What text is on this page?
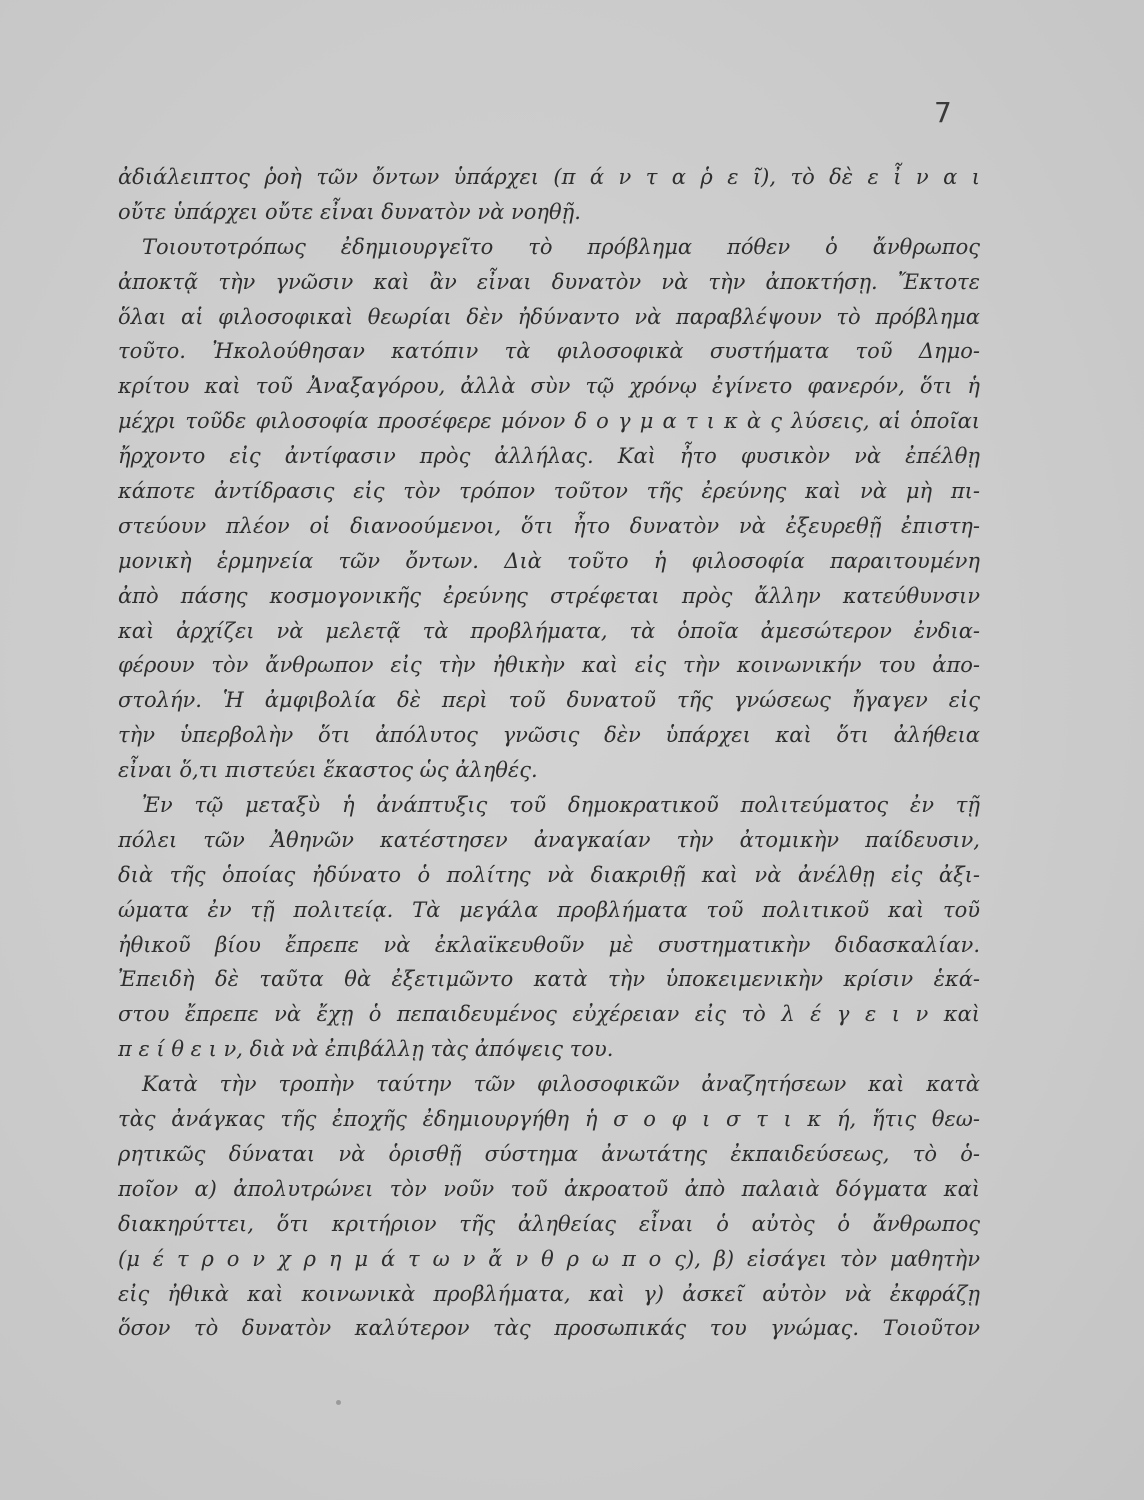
7
ἀδιάλειπτος ῥοὴ τῶν ὄντων ὑπάρχει (π ά ν τ α ῥ ε ῖ), τὸ δὲ ε ἶ ν α ι
οὔτε ὑπάρχει οὔτε εἶναι δυνατὸν νὰ νοηθῇ.
Τοιουτοτρόπως ἐδημιουργεῖτο τὸ πρόβλημα πόθεν ὁ ἄνθρωπος
ἀποκτᾷ τὴν γνῶσιν καὶ ἂν εἶναι δυνατὸν νὰ τὴν ἀποκτήσῃ. Ἔκτοτε
ὅλαι αἱ φιλοσοφικαὶ θεωρίαι δὲν ἠδύναντο νὰ παραβλέψουν τὸ πρόβλημα
τοῦτο. Ἠκολούθησαν κατόπιν τὰ φιλοσοφικὰ συστήματα τοῦ Δημο-
κρίτου καὶ τοῦ Ἀναξαγόρου, ἀλλὰ σὺν τῷ χρόνῳ ἐγίνετο φανερόν, ὅτι ἡ
μέχρι τοῦδε φιλοσοφία προσέφερε μόνον δ ο γ μ α τ ι κ ὰ ς λύσεις, αἱ ὁποῖαι
ἤρχοντο εἰς ἀντίφασιν πρὸς ἀλλήλας. Καὶ ἦτο φυσικὸν νὰ ἐπέλθῃ
κάποτε ἀντίδρασις εἰς τὸν τρόπον τοῦτον τῆς ἐρεύνης καὶ νὰ μὴ πι-
στεύουν πλέον οἱ διανοούμενοι, ὅτι ἦτο δυνατὸν νὰ ἐξευρεθῇ ἐπιστη-
μονικὴ ἑρμηνεία τῶν ὄντων. Διὰ τοῦτο ἡ φιλοσοφία παραιτουμένη
ἀπὸ πάσης κοσμογονικῆς ἐρεύνης στρέφεται πρὸς ἄλλην κατεύθυνσιν
καὶ ἀρχίζει νὰ μελετᾷ τὰ προβλήματα, τὰ ὁποῖα ἀμεσώτερον ἐνδια-
φέρουν τὸν ἄνθρωπον εἰς τὴν ἠθικὴν καὶ εἰς τὴν κοινωνικήν του ἀπο-
στολήν. Ἡ ἀμφιβολία δὲ περὶ τοῦ δυνατοῦ τῆς γνώσεως ἤγαγεν εἰς
τὴν ὑπερβολὴν ὅτι ἀπόλυτος γνῶσις δὲν ὑπάρχει καὶ ὅτι ἀλήθεια
εἶναι ὅ,τι πιστεύει ἕκαστος ὡς ἀληθές.
Ἐν τῷ μεταξὺ ἡ ἀνάπτυξις τοῦ δημοκρατικοῦ πολιτεύματος ἐν τῇ
πόλει τῶν Ἀθηνῶν κατέστησεν ἀναγκαίαν τὴν ἀτομικὴν παίδευσιν,
διὰ τῆς ὁποίας ἠδύνατο ὁ πολίτης νὰ διακριθῇ καὶ νὰ ἀνέλθῃ εἰς ἀξι-
ώματα ἐν τῇ πολιτείᾳ. Τὰ μεγάλα προβλήματα τοῦ πολιτικοῦ καὶ τοῦ
ἠθικοῦ βίου ἔπρεπε νὰ ἐκλαϊκευθοῦν μὲ συστηματικὴν διδασκαλίαν.
Ἐπειδὴ δὲ ταῦτα θὰ ἐξετιμῶντο κατὰ τὴν ὑποκειμενικὴν κρίσιν ἑκά-
στου ἔπρεπε νὰ ἔχῃ ὁ πεπαιδευμένος εὐχέρειαν εἰς τὸ λ έ γ ε ι ν καὶ
π ε ί θ ε ι ν, διὰ νὰ ἐπιβάλλῃ τὰς ἀπόψεις του.
Κατὰ τὴν τροπὴν ταύτην τῶν φιλοσοφικῶν ἀναζητήσεων καὶ κατὰ
τὰς ἀνάγκας τῆς ἐποχῆς ἐδημιουργήθη ἡ σ ο φ ι σ τ ι κ ή, ἥτις θεω-
ρητικῶς δύναται νὰ ὁρισθῇ σύστημα ἀνωτάτης ἐκπαιδεύσεως, τὸ ὁ-
ποῖον α) ἀπολυτρώνει τὸν νοῦν τοῦ ἀκροατοῦ ἀπὸ παλαιὰ δόγματα καὶ
διακηρύττει, ὅτι κριτήριον τῆς ἀληθείας εἶναι ὁ αὐτὸς ὁ ἄνθρωπος
(μ έ τ ρ ο ν χ ρ η μ ά τ ω ν ἄ ν θ ρ ω π ο ς), β) εἰσάγει τὸν μαθητὴν
εἰς ἠθικὰ καὶ κοινωνικὰ προβλήματα, καὶ γ) ἀσκεῖ αὐτὸν νὰ ἐκφράζῃ
ὅσον τὸ δυνατὸν καλύτερον τὰς προσωπικάς του γνώμας. Τοιοῦτον
